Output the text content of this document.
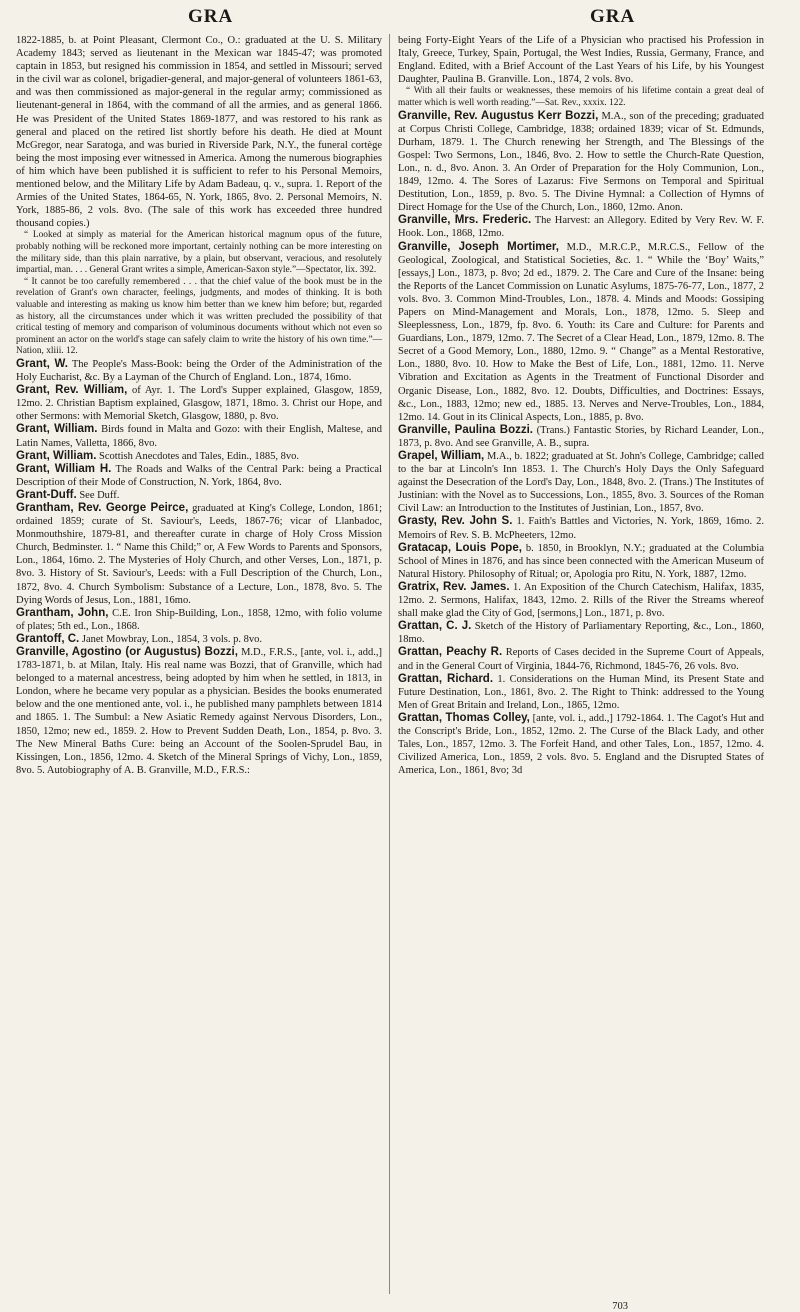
GRA	GRA

1822-1885, b. at Point Pleasant, Clermont Co., O.: graduated at the U. S. Military Academy 1843; served as lieutenant in the Mexican war 1845-47; was promoted captain in 1853, but resigned his commission in 1854, and settled in Missouri; served in the civil war as colonel, brigadier-general, and major-general of volunteers 1861-63, and was then commissioned as major-general in the regular army; commissioned as lieutenant-general in 1864, with the command of all the armies, and as general 1866. He was President of the United States 1869-1877, and was restored to his rank as general and placed on the retired list shortly before his death. He died at Mount McGregor, near Saratoga, and was buried in Riverside Park, N.Y., the funeral cortège being the most imposing ever witnessed in America. Among the numerous biographies of him which have been published it is sufficient to refer to his Personal Memoirs, mentioned below, and the Military Life by Adam Badeau, q. v., supra. 1. Report of the Armies of the United States, 1864-65, N. York, 1865, 8vo. 2. Personal Memoirs, N. York, 1885-86, 2 vols. 8vo. (The sale of this work has exceeded three hundred thousand copies.)

“ Looked at simply as material for the American historical magnum opus of the future, probably nothing will be reckoned more important, certainly nothing can be more interesting on the military side, than this plain narrative, by a plain, but observant, veracious, and resolutely impartial, man. . . . General Grant writes a simple, American-Saxon style.”—Spectator, lix. 392.

“ It cannot be too carefully remembered . . . that the chief value of the book must be in the revelation of Grant's own character, feelings, judgments, and modes of thinking. It is both valuable and interesting as making us know him better than we knew him before; but, regarded as history, all the circumstances under which it was written precluded the possibility of that critical testing of memory and comparison of voluminous documents without which not even so prominent an actor on the world's stage can safely claim to write the history of his own time.”—Nation, xliii. 12.

Grant, W. The People's Mass-Book: being the Order of the Administration of the Holy Eucharist, &c. By a Layman of the Church of England. Lon., 1874, 16mo.

Grant, Rev. William, of Ayr. 1. The Lord's Supper explained, Glasgow, 1859, 12mo. 2. Christian Baptism explained, Glasgow, 1871, 18mo. 3. Christ our Hope, and other Sermons: with Memorial Sketch, Glasgow, 1880, p. 8vo.

Grant, William. Birds found in Malta and Gozo: with their English, Maltese, and Latin Names, Valletta, 1866, 8vo.

Grant, William. Scottish Anecdotes and Tales, Edin., 1885, 8vo.

Grant, William H. The Roads and Walks of the Central Park: being a Practical Description of their Mode of Construction, N. York, 1864, 8vo.

Grant-Duff. See Duff.

Grantham, Rev. George Peirce, graduated at King's College, London, 1861; ordained 1859; curate of St. Saviour's, Leeds, 1867-76; vicar of Llanbadoc, Monmouthshire, 1879-81, and thereafter curate in charge of Holy Cross Mission Church, Bedminster. 1. “ Name this Child;” or, A Few Words to Parents and Sponsors, Lon., 1864, 16mo. 2. The Mysteries of Holy Church, and other Verses, Lon., 1871, p. 8vo. 3. History of St. Saviour's, Leeds: with a Full Description of the Church, Lon., 1872, 8vo. 4. Church Symbolism: Substance of a Lecture, Lon., 1878, 8vo. 5. The Dying Words of Jesus, Lon., 1881, 16mo.

Grantham, John, C.E. Iron Ship-Building, Lon., 1858, 12mo, with folio volume of plates; 5th ed., Lon., 1868.

Grantoff, C. Janet Mowbray, Lon., 1854, 3 vols. p. 8vo.

Granville, Agostino (or Augustus) Bozzi, M.D., F.R.S., [ante, vol. i., add.,] 1783-1871, b. at Milan, Italy. His real name was Bozzi, that of Granville, which had belonged to a maternal ancestress, being adopted by him when he settled, in 1813, in London, where he became very popular as a physician. Besides the books enumerated below and the one mentioned ante, vol. i., he published many pamphlets between 1814 and 1865. 1. The Sumbul: a New Asiatic Remedy against Nervous Disorders, Lon., 1850, 12mo; new ed., 1859. 2. How to Prevent Sudden Death, Lon., 1854, p. 8vo. 3. The New Mineral Baths Cure: being an Account of the Soolen-Sprudel Bau, in Kissingen, Lon., 1856, 12mo. 4. Sketch of the Mineral Springs of Vichy, Lon., 1859, 8vo. 5. Autobiography of A. B. Granville, M.D., F.R.S.:

being Forty-Eight Years of the Life of a Physician who practised his Profession in Italy, Greece, Turkey, Spain, Portugal, the West Indies, Russia, Germany, France, and England. Edited, with a Brief Account of the Last Years of his Life, by his Youngest Daughter, Paulina B. Granville. Lon., 1874, 2 vols. 8vo.

“ With all their faults or weaknesses, these memoirs of his lifetime contain a great deal of matter which is well worth reading.”—Sat. Rev., xxxix. 122.

Granville, Rev. Augustus Kerr Bozzi, M.A., son of the preceding; graduated at Corpus Christi College, Cambridge, 1838; ordained 1839; vicar of St. Edmunds, Durham, 1879. 1. The Church renewing her Strength, and The Blessings of the Gospel: Two Sermons, Lon., 1846, 8vo. 2. How to settle the Church-Rate Question, Lon., n. d., 8vo. Anon. 3. An Order of Preparation for the Holy Communion, Lon., 1849, 12mo. 4. The Sores of Lazarus: Five Sermons on Temporal and Spiritual Destitution, Lon., 1859, p. 8vo. 5. The Divine Hymnal: a Collection of Hymns of Direct Homage for the Use of the Church, Lon., 1860, 12mo. Anon.

Granville, Mrs. Frederic. The Harvest: an Allegory. Edited by Very Rev. W. F. Hook. Lon., 1868, 12mo.

Granville, Joseph Mortimer, M.D., M.R.C.P., M.R.C.S., Fellow of the Geological, Zoological, and Statistical Societies, &c. 1. “ While the ‘Boy’ Waits,” [essays,] Lon., 1873, p. 8vo; 2d ed., 1879. 2. The Care and Cure of the Insane: being the Reports of the Lancet Commission on Lunatic Asylums, 1875-76-77, Lon., 1877, 2 vols. 8vo. 3. Common Mind-Troubles, Lon., 1878. 4. Minds and Moods: Gossiping Papers on Mind-Management and Morals, Lon., 1878, 12mo. 5. Sleep and Sleeplessness, Lon., 1879, fp. 8vo. 6. Youth: its Care and Culture: for Parents and Guardians, Lon., 1879, 12mo. 7. The Secret of a Clear Head, Lon., 1879, 12mo. 8. The Secret of a Good Memory, Lon., 1880, 12mo. 9. “ Change” as a Mental Restorative, Lon., 1880, 8vo. 10. How to Make the Best of Life, Lon., 1881, 12mo. 11. Nerve Vibration and Excitation as Agents in the Treatment of Functional Disorder and Organic Disease, Lon., 1882, 8vo. 12. Doubts, Difficulties, and Doctrines: Essays, &c., Lon., 1883, 12mo; new ed., 1885. 13. Nerves and Nerve-Troubles, Lon., 1884, 12mo. 14. Gout in its Clinical Aspects, Lon., 1885, p. 8vo.

Granville, Paulina Bozzi. (Trans.) Fantastic Stories, by Richard Leander, Lon., 1873, p. 8vo. And see Granville, A. B., supra.

Grapel, William, M.A., b. 1822; graduated at St. John's College, Cambridge; called to the bar at Lincoln's Inn 1853. 1. The Church's Holy Days the Only Safeguard against the Desecration of the Lord's Day, Lon., 1848, 8vo. 2. (Trans.) The Institutes of Justinian: with the Novel as to Successions, Lon., 1855, 8vo. 3. Sources of the Roman Civil Law: an Introduction to the Institutes of Justinian, Lon., 1857, 8vo.

Grasty, Rev. John S. 1. Faith's Battles and Victories, N. York, 1869, 16mo. 2. Memoirs of Rev. S. B. McPheeters, 12mo.

Gratacap, Louis Pope, b. 1850, in Brooklyn, N.Y.; graduated at the Columbia School of Mines in 1876, and has since been connected with the American Museum of Natural History. Philosophy of Ritual; or, Apologia pro Ritu, N. York, 1887, 12mo.

Gratrix, Rev. James. 1. An Exposition of the Church Catechism, Halifax, 1835, 12mo. 2. Sermons, Halifax, 1843, 12mo. 2. Rills of the River the Streams whereof shall make glad the City of God, [sermons,] Lon., 1871, p. 8vo.

Grattan, C. J. Sketch of the History of Parliamentary Reporting, &c., Lon., 1860, 18mo.

Grattan, Peachy R. Reports of Cases decided in the Supreme Court of Appeals, and in the General Court of Virginia, 1844-76, Richmond, 1845-76, 26 vols. 8vo.

Grattan, Richard. 1. Considerations on the Human Mind, its Present State and Future Destination, Lon., 1861, 8vo. 2. The Right to Think: addressed to the Young Men of Great Britain and Ireland, Lon., 1865, 12mo.

Grattan, Thomas Colley, [ante, vol. i., add.,] 1792-1864. 1. The Cagot's Hut and the Conscript's Bride, Lon., 1852, 12mo. 2. The Curse of the Black Lady, and other Tales, Lon., 1857, 12mo. 3. The Forfeit Hand, and other Tales, Lon., 1857, 12mo. 4. Civilized America, Lon., 1859, 2 vols. 8vo. 5. England and the Disrupted States of America, Lon., 1861, 8vo; 3d

703
